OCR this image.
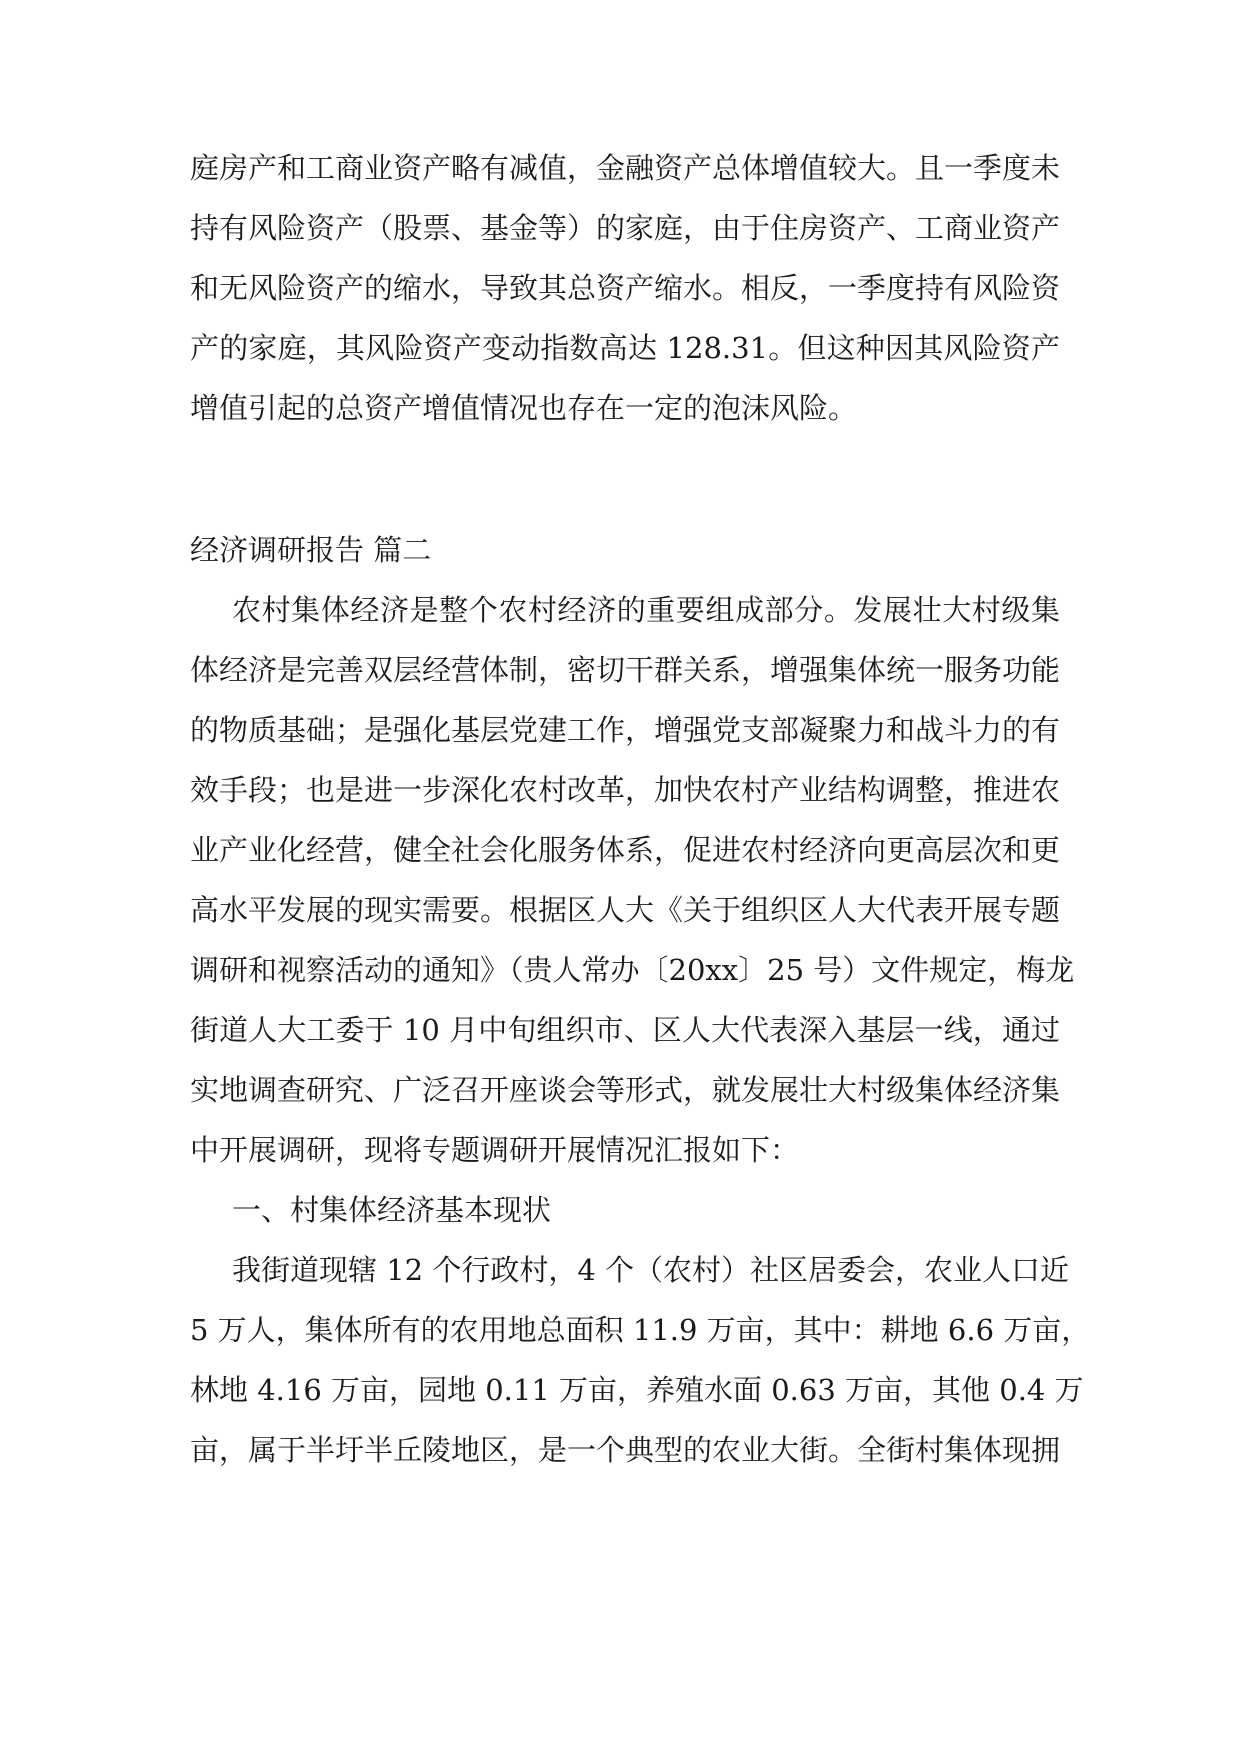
庭房产和工商业资产略有减值，金融资产总体增值较大。且一季度未
持有风险资产（股票、基金等）的家庭，由于住房资产、工商业资产
和无风险资产的缩水，导致其总资产缩水。相反，一季度持有风险资
产的家庭，其风险资产变动指数高达 128.31。但这种因其风险资产
增值引起的总资产增值情况也存在一定的泡沫风险。
经济调研报告 篇二
农村集体经济是整个农村经济的重要组成部分。发展壮大村级集
体经济是完善双层经营体制，密切干群关系，增强集体统一服务功能
的物质基础；是强化基层党建工作，增强党支部凝聚力和战斗力的有
效手段；也是进一步深化农村改革，加快农村产业结构调整，推进农
业产业化经营，健全社会化服务体系，促进农村经济向更高层次和更
高水平发展的现实需要。根据区人大《关于组织区人大代表开展专题
调研和视察活动的通知》（贵人常办〔20xx〕25 号）文件规定，梅龙
街道人大工委于 10 月中旬组织市、区人大代表深入基层一线，通过
实地调查研究、广泛召开座谈会等形式，就发展壮大村级集体经济集
中开展调研，现将专题调研开展情况汇报如下：
一、村集体经济基本现状
我街道现辖 12 个行政村，4 个（农村）社区居委会，农业人口近
5 万人，集体所有的农用地总面积 11.9 万亩，其中：耕地 6.6 万亩，
林地 4.16 万亩，园地 0.11 万亩，养殖水面 0.63 万亩，其他 0.4 万
亩，属于半圩半丘陵地区，是一个典型的农业大街。全街村集体现拥
